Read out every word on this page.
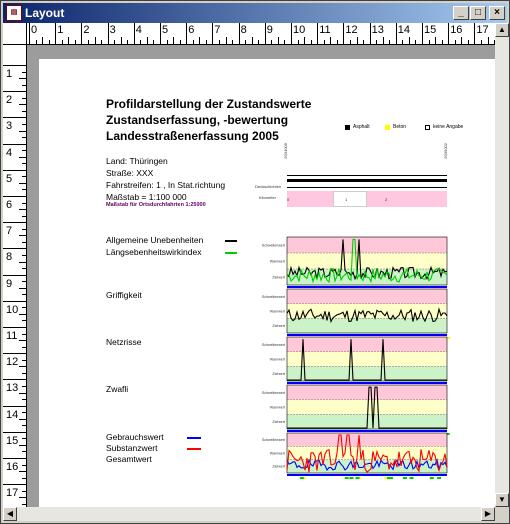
▤ Layout	_	□	×
0 1 2 3 4 5 6 7 8 9 10 11 12 13 14 15 16 17
1
2
3
4
5
6
7
8
9
10
11
12
13
14
15
16
17
Profildarstellung der Zustandswerte
Zustandserfassung, -bewertung
Landesstraßenerfassung 2005
Asphalt	Beton	keine Angabe
Land: Thüringen
Straße: XXX
Fahrstreifen: 1 , In Stat.richtung
Maßstab = 1:100 000
Maßstab für Ortsdurchfahrten 1:25000
5034009	5035002
Deckschichten
Kilometer	0	1	2
Allgemeine Unebenheiten
Längsebenheitswirkindex
Griffigkeit
Netzrisse
Zwafli
Gebrauchswert
Substanzwert
Gesamtwert
Schwellenwert
Warnwert
Zielwert
Schwellenwert
Warnwert
Zielwert
Schwellenwert
Warnwert
Zielwert
Schwellenwert
Warnwert
Zielwert
Schwellenwert
Warnwert
Zielwert
▲
▼
◀	▶
